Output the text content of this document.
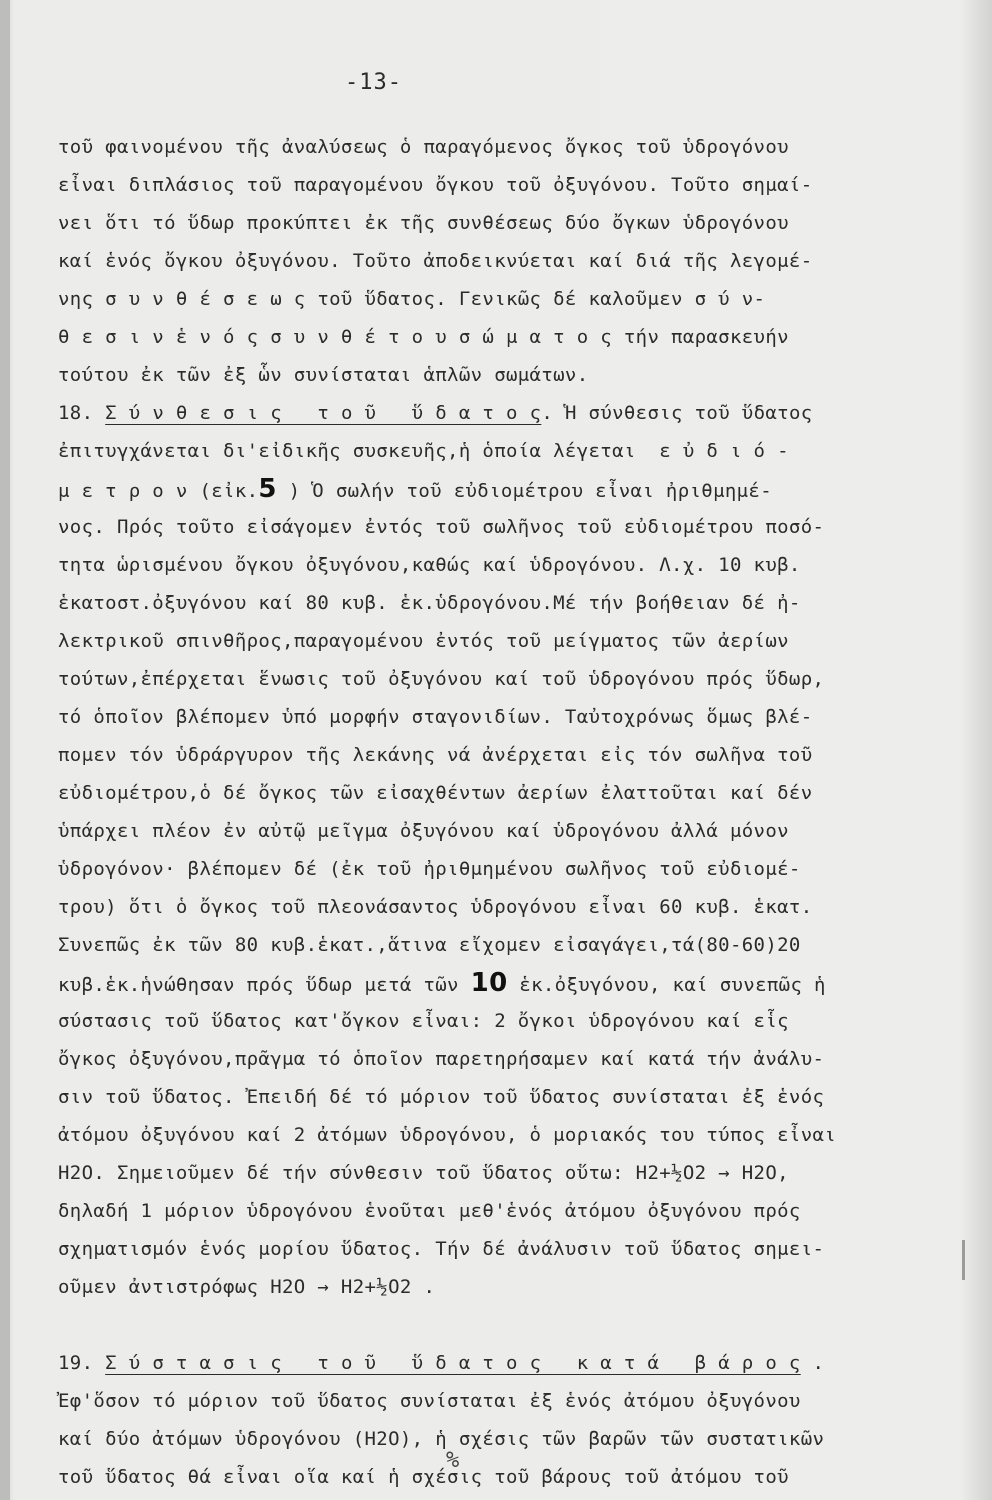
-13-
τοῦ φαινομένου τῆς ἀναλύσεως ὁ παραγόμενος ὄγκος τοῦ ὑδρογόνου
εἶναι διπλάσιος τοῦ παραγομένου ὄγκου τοῦ ὀξυγόνου. Τοῦτο σημαί-
νει ὅτι τό ὕδωρ προκύπτει ἐκ τῆς συνθέσεως δύο ὄγκων ὑδρογόνου
καί ἑνός ὄγκου ὀξυγόνου. Τοῦτο ἀποδεικνύεται καί διά τῆς λεγομέ-
νης σ υ ν θ έ σ ε ω ς τοῦ ὕδατος. Γενικῶς δέ καλοῦμεν σ ύ ν-
θ ε σ ι ν ἑ ν ό ς σ υ ν θ έ τ ο υ σ ώ μ α τ ο ς τήν παρασκευήν
τούτου ἐκ τῶν ἐξ ὧν συνίσταται ἁπλῶν σωμάτων.
18. Σ ύ ν θ ε σ ι ς   τ ο ῦ   ὕ δ α τ ο ς. Ἡ σύνθεσις τοῦ ὕδατος
ἐπιτυγχάνεται δι'εἰδικῆς συσκευῆς,ἡ ὁποία λέγεται  ε ὐ δ ι ό -
μ ε τ ρ ο ν (εἰκ.5 ) Ὁ σωλήν τοῦ εὐδιομέτρου εἶναι ἠριθμημέ-
νος. Πρός τοῦτο εἰσάγομεν ἐντός τοῦ σωλῆνος τοῦ εὐδιομέτρου ποσό-
τητα ὡρισμένου ὄγκου ὀξυγόνου,καθώς καί ὑδρογόνου. Λ.χ. 10 κυβ.
ἑκατοστ.ὀξυγόνου καί 80 κυβ. ἑκ.ὑδρογόνου.Μέ τήν βοήθειαν δέ ἠ-
λεκτρικοῦ σπινθῆρος,παραγομένου ἐντός τοῦ μείγματος τῶν ἀερίων
τούτων,ἐπέρχεται ἕνωσις τοῦ ὀξυγόνου καί τοῦ ὑδρογόνου πρός ὕδωρ,
τό ὁποῖον βλέπομεν ὑπό μορφήν σταγονιδίων. Ταὐτοχρόνως ὅμως βλέ-
πομεν τόν ὑδράργυρον τῆς λεκάνης νά ἀνέρχεται εἰς τόν σωλῆνα τοῦ
εὐδιομέτρου,ὁ δέ ὄγκος τῶν εἰσαχθέντων ἀερίων ἐλαττοῦται καί δέν
ὑπάρχει πλέον ἐν αὐτῷ μεῖγμα ὀξυγόνου καί ὑδρογόνου ἀλλά μόνον
ὑδρογόνον· βλέπομεν δέ (ἐκ τοῦ ἠριθμημένου σωλῆνος τοῦ εὐδιομέ-
τρου) ὅτι ὁ ὄγκος τοῦ πλεονάσαντος ὑδρογόνου εἶναι 60 κυβ. ἑκατ.
Συνεπῶς ἐκ τῶν 80 κυβ.ἑκατ.,ἅτινα εἴχομεν εἰσαγάγει,τά(80-60)20
κυβ.ἑκ.ἡνώθησαν πρός ὕδωρ μετά τῶν 10 ἑκ.ὀξυγόνου, καί συνεπῶς ἡ
σύστασις τοῦ ὕδατος κατ'ὄγκον εἶναι: 2 ὄγκοι ὑδρογόνου καί εἷς
ὄγκος ὀξυγόνου,πρᾶγμα τό ὁποῖον παρετηρήσαμεν καί κατά τήν ἀνάλυ-
σιν τοῦ ὕδατος. Ἐπειδή δέ τό μόριον τοῦ ὕδατος συνίσταται ἐξ ἑνός
ἀτόμου ὀξυγόνου καί 2 ἀτόμων ὑδρογόνου, ὁ μοριακός του τύπος εἶναι
H2O. Σημειοῦμεν δέ τήν σύνθεσιν τοῦ ὕδατος οὕτω: H2+½O2 → H2O,
δηλαδή 1 μόριον ὑδρογόνου ἑνοῦται μεθ'ἑνός ἀτόμου ὀξυγόνου πρός
σχηματισμόν ἑνός μορίου ὕδατος. Τήν δέ ἀνάλυσιν τοῦ ὕδατος σημει-
οῦμεν ἀντιστρόφως H2O → H2+½O2 .
19. Σ ύ σ τ α σ ι ς   τ ο ῦ   ὕ δ α τ ο ς   κ α τ ά   β ά ρ ο ς .
Ἐφ'ὅσον τό μόριον τοῦ ὕδατος συνίσταται ἐξ ἑνός ἀτόμου ὀξυγόνου
καί δύο ἀτόμων ὑδρογόνου (H2O), ἡ σχέσις τῶν βαρῶν τῶν συστατικῶν
τοῦ ὕδατος θά εἶναι οἵα καί ἡ σχέσις τοῦ βάρους τοῦ ἀτόμου τοῦ
%
